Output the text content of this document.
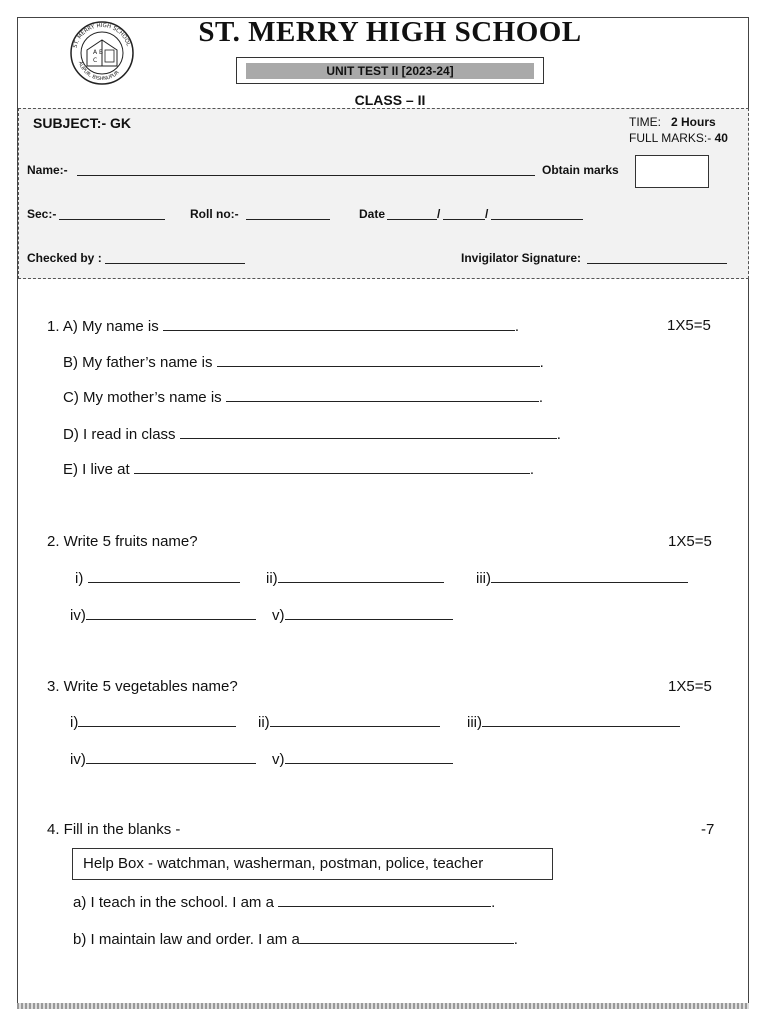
A B
C
ST. MERRY HIGH SCHOOL
ALIPUR, BISHNUPUR
ST. MERRY HIGH SCHOOL
UNIT TEST II [2023-24]
CLASS – II
SUBJECT:- GK	TIME: 2 Hours
FULL MARKS:- 40
Name:-	Obtain marks
Sec:-	Roll no:-	Date	/	/
Checked by :	Invigilator Signature:
1. A) My name is	.	1X5=5
B) My father’s name is	.
C) My mother’s name is	.
D) I read in class	.
E) I live at	.
2. Write 5 fruits name?	1X5=5
i)	ii)	iii)
iv)	v)
3. Write 5 vegetables name?	1X5=5
i)	ii)	iii)
iv)	v)
4. Fill in the blanks -	-7
Help Box - watchman, washerman, postman, police, teacher
a) I teach in the school. I am a	.
b) I maintain law and order. I am a	.
